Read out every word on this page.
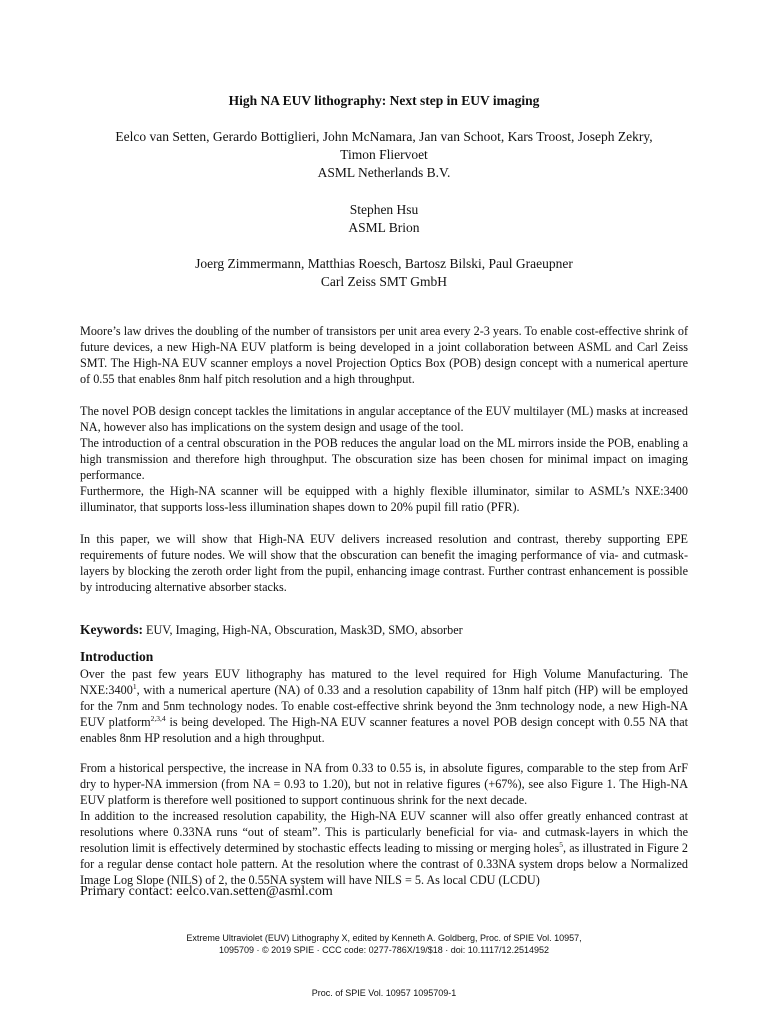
High NA EUV lithography: Next step in EUV imaging
Eelco van Setten, Gerardo Bottiglieri, John McNamara, Jan van Schoot, Kars Troost, Joseph Zekry,
Timon Fliervoet
ASML Netherlands B.V.
Stephen Hsu
ASML Brion
Joerg Zimmermann, Matthias Roesch, Bartosz Bilski, Paul Graeupner
Carl Zeiss SMT GmbH

Moore’s law drives the doubling of the number of transistors per unit area every 2-3 years. To enable cost-effective shrink of future devices, a new High-NA EUV platform is being developed in a joint collaboration between ASML and Carl Zeiss SMT. The High-NA EUV scanner employs a novel Projection Optics Box (POB) design concept with a numerical aperture of 0.55 that enables 8nm half pitch resolution and a high throughput.

The novel POB design concept tackles the limitations in angular acceptance of the EUV multilayer (ML) masks at increased NA, however also has implications on the system design and usage of the tool.

The introduction of a central obscuration in the POB reduces the angular load on the ML mirrors inside the POB, enabling a high transmission and therefore high throughput. The obscuration size has been chosen for minimal impact on imaging performance.

Furthermore, the High-NA scanner will be equipped with a highly flexible illuminator, similar to ASML’s NXE:3400 illuminator, that supports loss-less illumination shapes down to 20% pupil fill ratio (PFR).

In this paper, we will show that High-NA EUV delivers increased resolution and contrast, thereby supporting EPE requirements of future nodes. We will show that the obscuration can benefit the imaging performance of via- and cutmask-layers by blocking the zeroth order light from the pupil, enhancing image contrast. Further contrast enhancement is possible by introducing alternative absorber stacks.

Keywords: EUV, Imaging, High-NA, Obscuration, Mask3D, SMO, absorber
Introduction

Over the past few years EUV lithography has matured to the level required for High Volume Manufacturing. The NXE:3400$^1$, with a numerical aperture (NA) of 0.33 and a resolution capability of 13nm half pitch (HP) will be employed for the 7nm and 5nm technology nodes. To enable cost-effective shrink beyond the 3nm technology node, a new High-NA EUV platform$^{2,3,4}$ is being developed. The High-NA EUV scanner features a novel POB design concept with 0.55 NA that enables 8nm HP resolution and a high throughput.

From a historical perspective, the increase in NA from 0.33 to 0.55 is, in absolute figures, comparable to the step from ArF dry to hyper-NA immersion (from NA = 0.93 to 1.20), but not in relative figures (+67%), see also Figure 1. The High-NA EUV platform is therefore well positioned to support continuous shrink for the next decade.

In addition to the increased resolution capability, the High-NA EUV scanner will also offer greatly enhanced contrast at resolutions where 0.33NA runs “out of steam”. This is particularly beneficial for via- and cutmask-layers in which the resolution limit is effectively determined by stochastic effects leading to missing or merging holes$^5$, as illustrated in Figure 2 for a regular dense contact hole pattern. At the resolution where the contrast of 0.33NA system drops below a Normalized Image Log Slope (NILS) of 2, the 0.55NA system will have NILS = 5. As local CDU (LCDU)

Primary contact: eelco.van.setten@asml.com
Extreme Ultraviolet (EUV) Lithography X, edited by Kenneth A. Goldberg, Proc. of SPIE Vol. 10957,
1095709 · © 2019 SPIE · CCC code: 0277-786X/19/$18 · doi: 10.1117/12.2514952
Proc. of SPIE Vol. 10957 1095709-1
